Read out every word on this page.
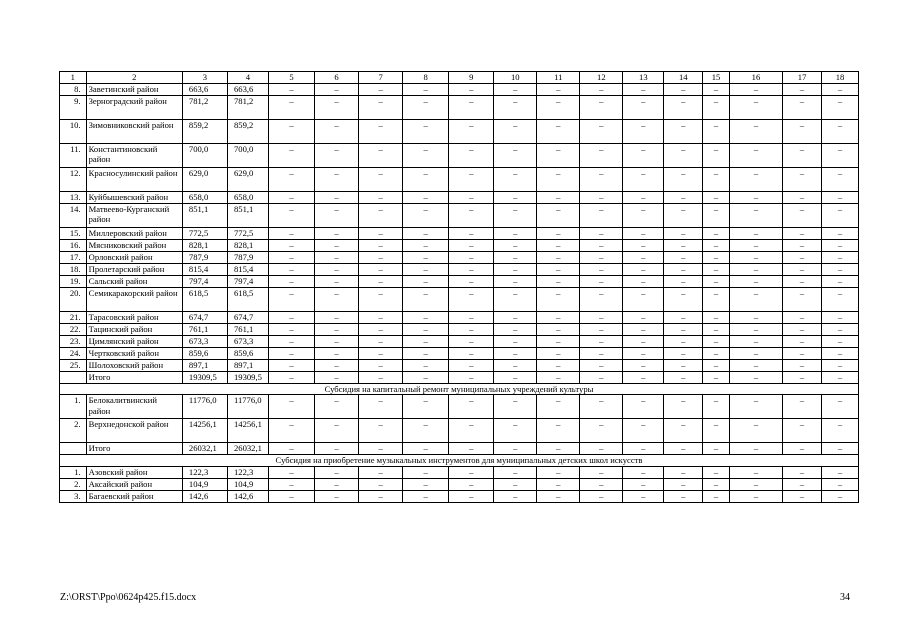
1	2	3	4	5	6	7	8	9	10	11	12	13	14	15	16	17	18
8.	Заветинский район	663,6	663,6	–	–	–	–	–	–	–	–	–	–	–	–	–	–
9.	Зерноградский район	781,2	781,2	–	–	–	–	–	–	–	–	–	–	–	–	–	–
10.	Зимовниковский район	859,2	859,2	–	–	–	–	–	–	–	–	–	–	–	–	–	–
11.	Константиновский район	700,0	700,0	–	–	–	–	–	–	–	–	–	–	–	–	–	–
12.	Красносулинский район	629,0	629,0	–	–	–	–	–	–	–	–	–	–	–	–	–	–
13.	Куйбышевский район	658,0	658,0	–	–	–	–	–	–	–	–	–	–	–	–	–	–
14.	Матвеево-Курганский район	851,1	851,1	–	–	–	–	–	–	–	–	–	–	–	–	–	–
15.	Миллеровский район	772,5	772,5	–	–	–	–	–	–	–	–	–	–	–	–	–	–
16.	Мясниковский район	828,1	828,1	–	–	–	–	–	–	–	–	–	–	–	–	–	–
17.	Орловский район	787,9	787,9	–	–	–	–	–	–	–	–	–	–	–	–	–	–
18.	Пролетарский район	815,4	815,4	–	–	–	–	–	–	–	–	–	–	–	–	–	–
19.	Сальский район	797,4	797,4	–	–	–	–	–	–	–	–	–	–	–	–	–	–
20.	Семикаракорский район	618,5	618,5	–	–	–	–	–	–	–	–	–	–	–	–	–	–
21.	Тарасовский район	674,7	674,7	–	–	–	–	–	–	–	–	–	–	–	–	–	–
22.	Тацинский район	761,1	761,1	–	–	–	–	–	–	–	–	–	–	–	–	–	–
23.	Цимлянский район	673,3	673,3	–	–	–	–	–	–	–	–	–	–	–	–	–	–
24.	Чертковский район	859,6	859,6	–	–	–	–	–	–	–	–	–	–	–	–	–	–
25.	Шолоховский район	897,1	897,1	–	–	–	–	–	–	–	–	–	–	–	–	–	–
	Итого	19309,5	19309,5	–	–	–	–	–	–	–	–	–	–	–	–	–	–
Субсидия на капитальный ремонт муниципальных учреждений культуры																	
1.	Белокалитвинский район	11776,0	11776,0	–	–	–	–	–	–	–	–	–	–	–	–	–	–
2.	Верхнедонской район	14256,1	14256,1	–	–	–	–	–	–	–	–	–	–	–	–	–	–
	Итого	26032,1	26032,1	–	–	–	–	–	–	–	–	–	–	–	–	–	–
Субсидия на приобретение музыкальных инструментов для муниципальных детских школ искусств																	
1.	Азовский район	122,3	122,3	–	–	–	–	–	–	–	–	–	–	–	–	–	–
2.	Аксайский район	104,9	104,9	–	–	–	–	–	–	–	–	–	–	–	–	–	–
3.	Багаевский район	142,6	142,6	–	–	–	–	–	–	–	–	–	–	–	–	–	–
Z:\ORST\Ppo\0624p425.f15.docx	34
